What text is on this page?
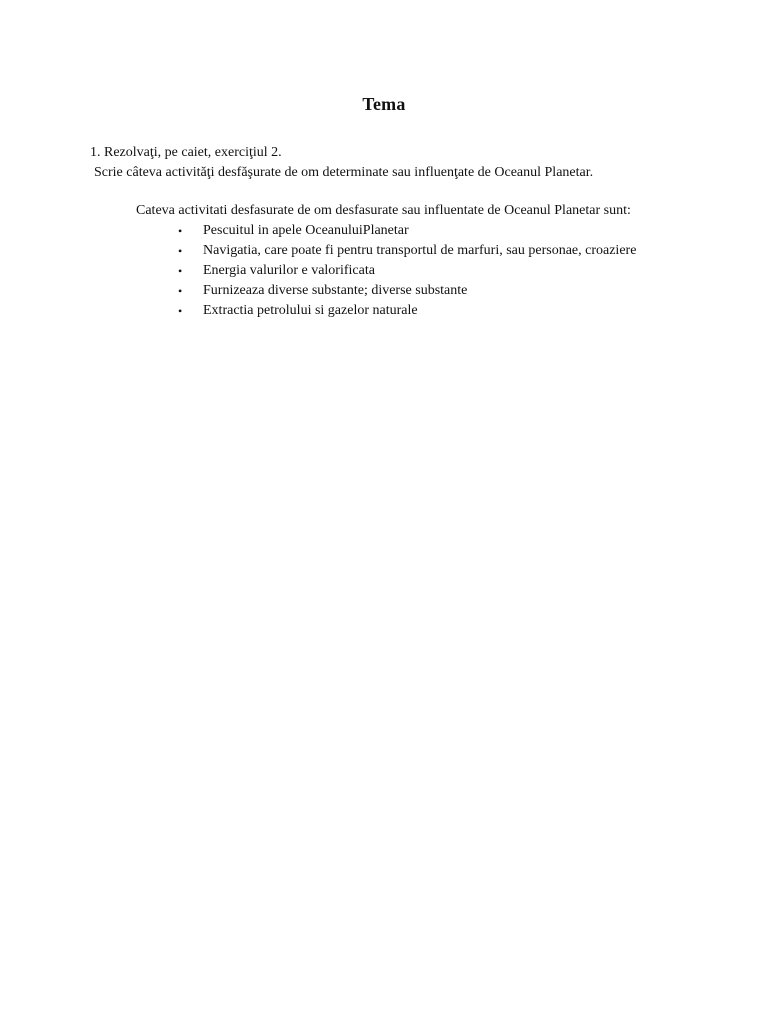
Tema
1. Rezolvaţi, pe caiet, exerciţiul 2.
Scrie câteva activităţi desfăşurate de om determinate sau influenţate de Oceanul Planetar.
Cateva activitati desfasurate de om desfasurate sau influentate de Oceanul Planetar sunt:
•	Pescuitul in apele OceanuluiPlanetar
•	Navigatia, care poate fi pentru transportul de marfuri, sau personae, croaziere
•	Energia valurilor e valorificata
•	Furnizeaza diverse substante; diverse substante
•	Extractia petrolului si gazelor naturale
